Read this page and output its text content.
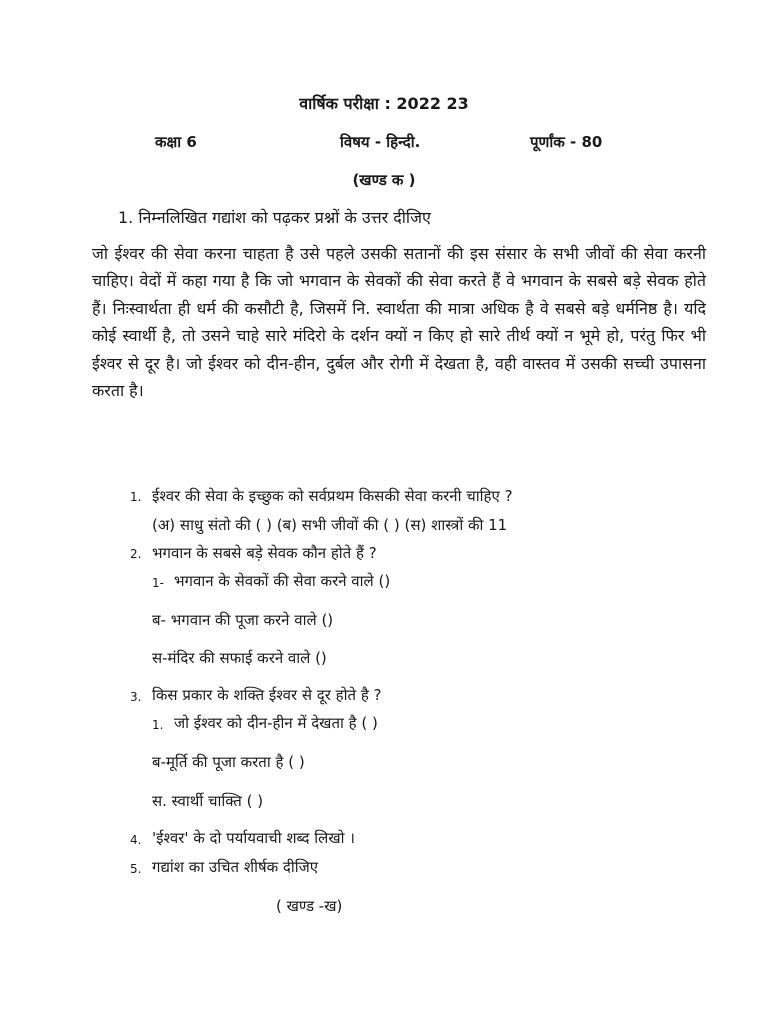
वार्षिक परीक्षा : 2022 23
कक्षा 6	विषय - हिन्दी.	पूर्णांक - 80
(खण्ड क )
1. निम्नलिखित गद्यांश को पढ़कर प्रश्नों के उत्तर दीजिए
जो ईश्वर की सेवा करना चाहता है उसे पहले उसकी सतानों की इस संसार के सभी जीवों की सेवा करनी चाहिए। वेदों में कहा गया है कि जो भगवान के सेवकों की सेवा करते हैं वे भगवान के सबसे बड़े सेवक होते हैं। निःस्वार्थता ही धर्म की कसौटी है, जिसमें नि. स्वार्थता की मात्रा अधिक है वे सबसे बड़े धर्मनिष्ठ है। यदि कोई स्वार्थी है, तो उसने चाहे सारे मंदिरो के दर्शन क्यों न किए हो सारे तीर्थ क्यों न भूमे हो, परंतु फिर भी ईश्वर से दूर है। जो ईश्वर को दीन-हीन, दुर्बल और रोगी में देखता है, वही वास्तव में उसकी सच्ची उपासना करता है।
1. ईश्वर की सेवा के इच्छुक को सर्वप्रथम किसकी सेवा करनी चाहिए ?
(अ) साधु संतो की ( ) (ब) सभी जीवों की ( ) (स) शास्त्रों की 11
2. भगवान के सबसे बड़े सेवक कौन होते हैं ?
1- भगवान के सेवकों की सेवा करने वाले ()
ब- भगवान की पूजा करने वाले ()
स-मंदिर की सफाई करने वाले ()
3. किस प्रकार के शक्ति ईश्वर से दूर होते है ?
1. जो ईश्वर को दीन-हीन में देखता है ( )
ब-मूर्ति की पूजा करता है ( )
स. स्वार्थी चाक्ति ( )
4. 'ईश्वर' के दो पर्यायवाची शब्द लिखो ।
5. गद्यांश का उचित शीर्षक दीजिए
( खण्ड -ख)
